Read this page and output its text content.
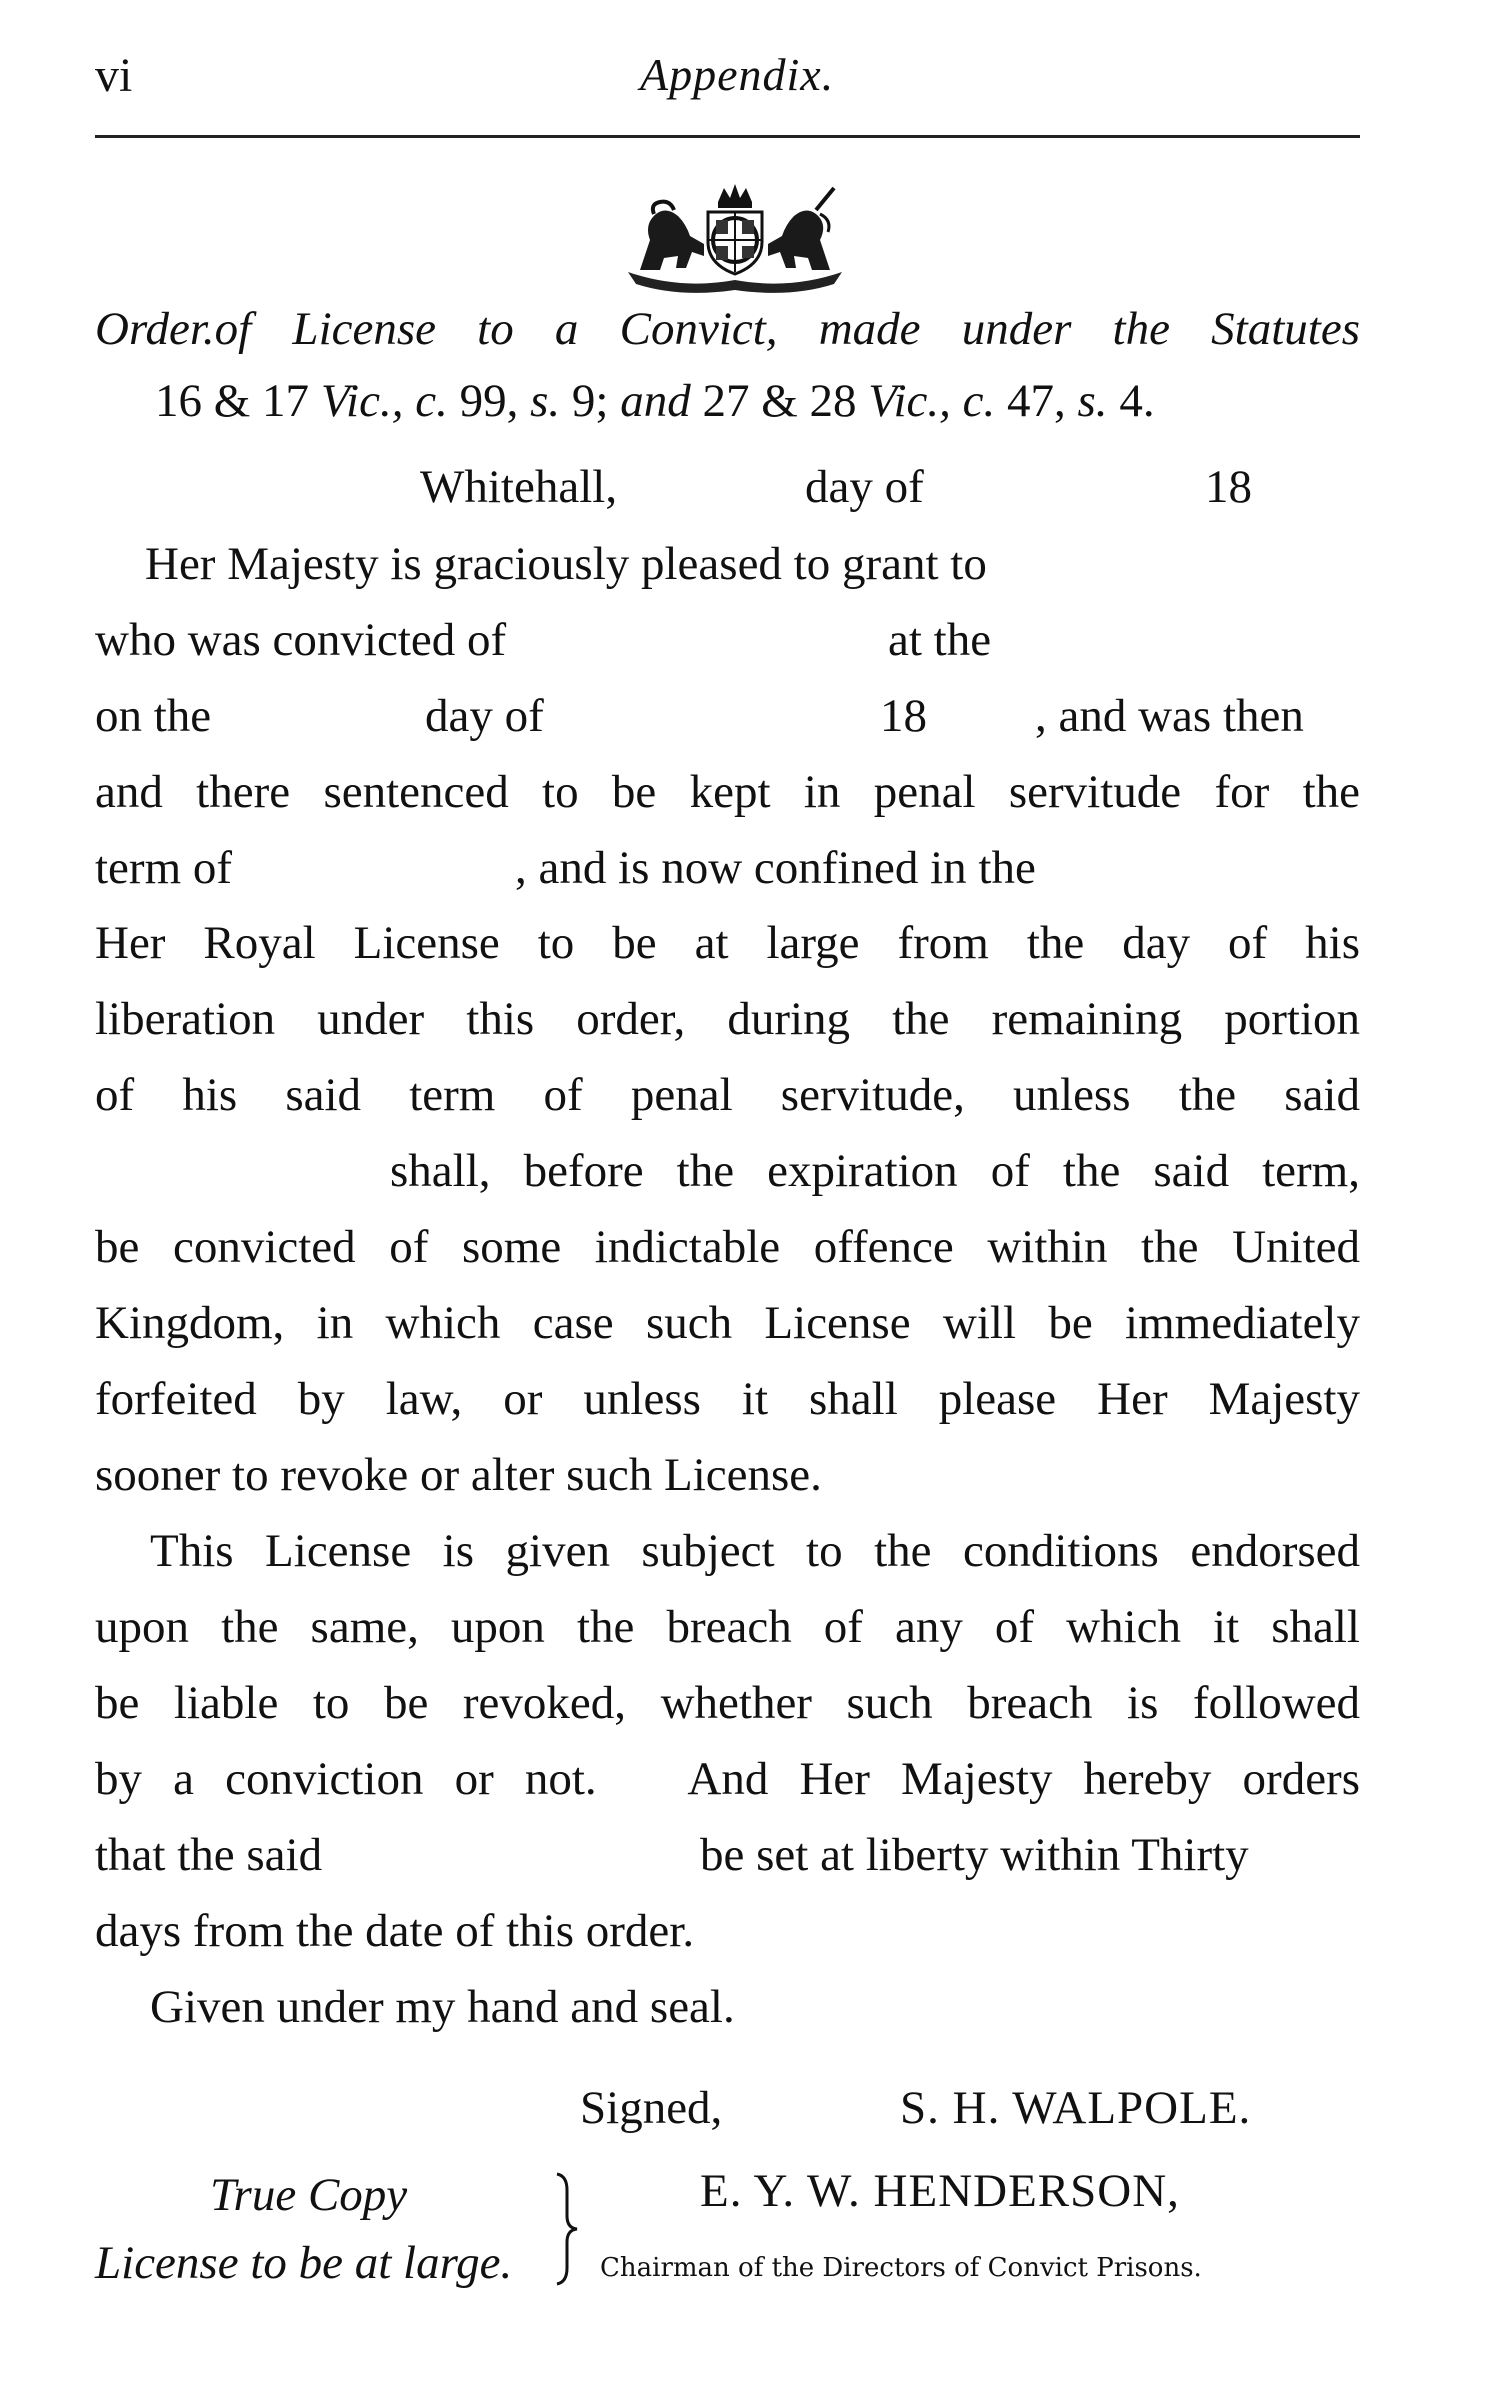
vi	Appendix.
Order.of License to a Convict, made under the Statutes
16 & 17 Vic., c. 99, s. 9; and 27 & 28 Vic., c. 47, s. 4.
Whitehall,	day of	18
Her Majesty is graciously pleased to grant to
who was convicted of	at the
on the	day of	18 , and was then
and there sentenced to be kept in penal servitude for the
term of	, and is now confined in the
Her Royal License to be at large from the day of his
liberation under this order, during the remaining portion
of his said term of penal servitude, unless the said
shall, before the expiration of the said term,
be convicted of some indictable offence within the United
Kingdom, in which case such License will be immediately
forfeited by law, or unless it shall please Her Majesty
sooner to revoke or alter such License.
This License is given subject to the conditions endorsed
upon the same, upon the breach of any of which it shall
be liable to be revoked, whether such breach is followed
by a conviction or not.   And Her Majesty hereby orders
that the said	be set at liberty within Thirty
days from the date of this order.
Given under my hand and seal.
Signed,	S. H. WALPOLE.
True Copy
License to be at large.
E. Y. W. HENDERSON,
Chairman of the Directors of Convict Prisons.
